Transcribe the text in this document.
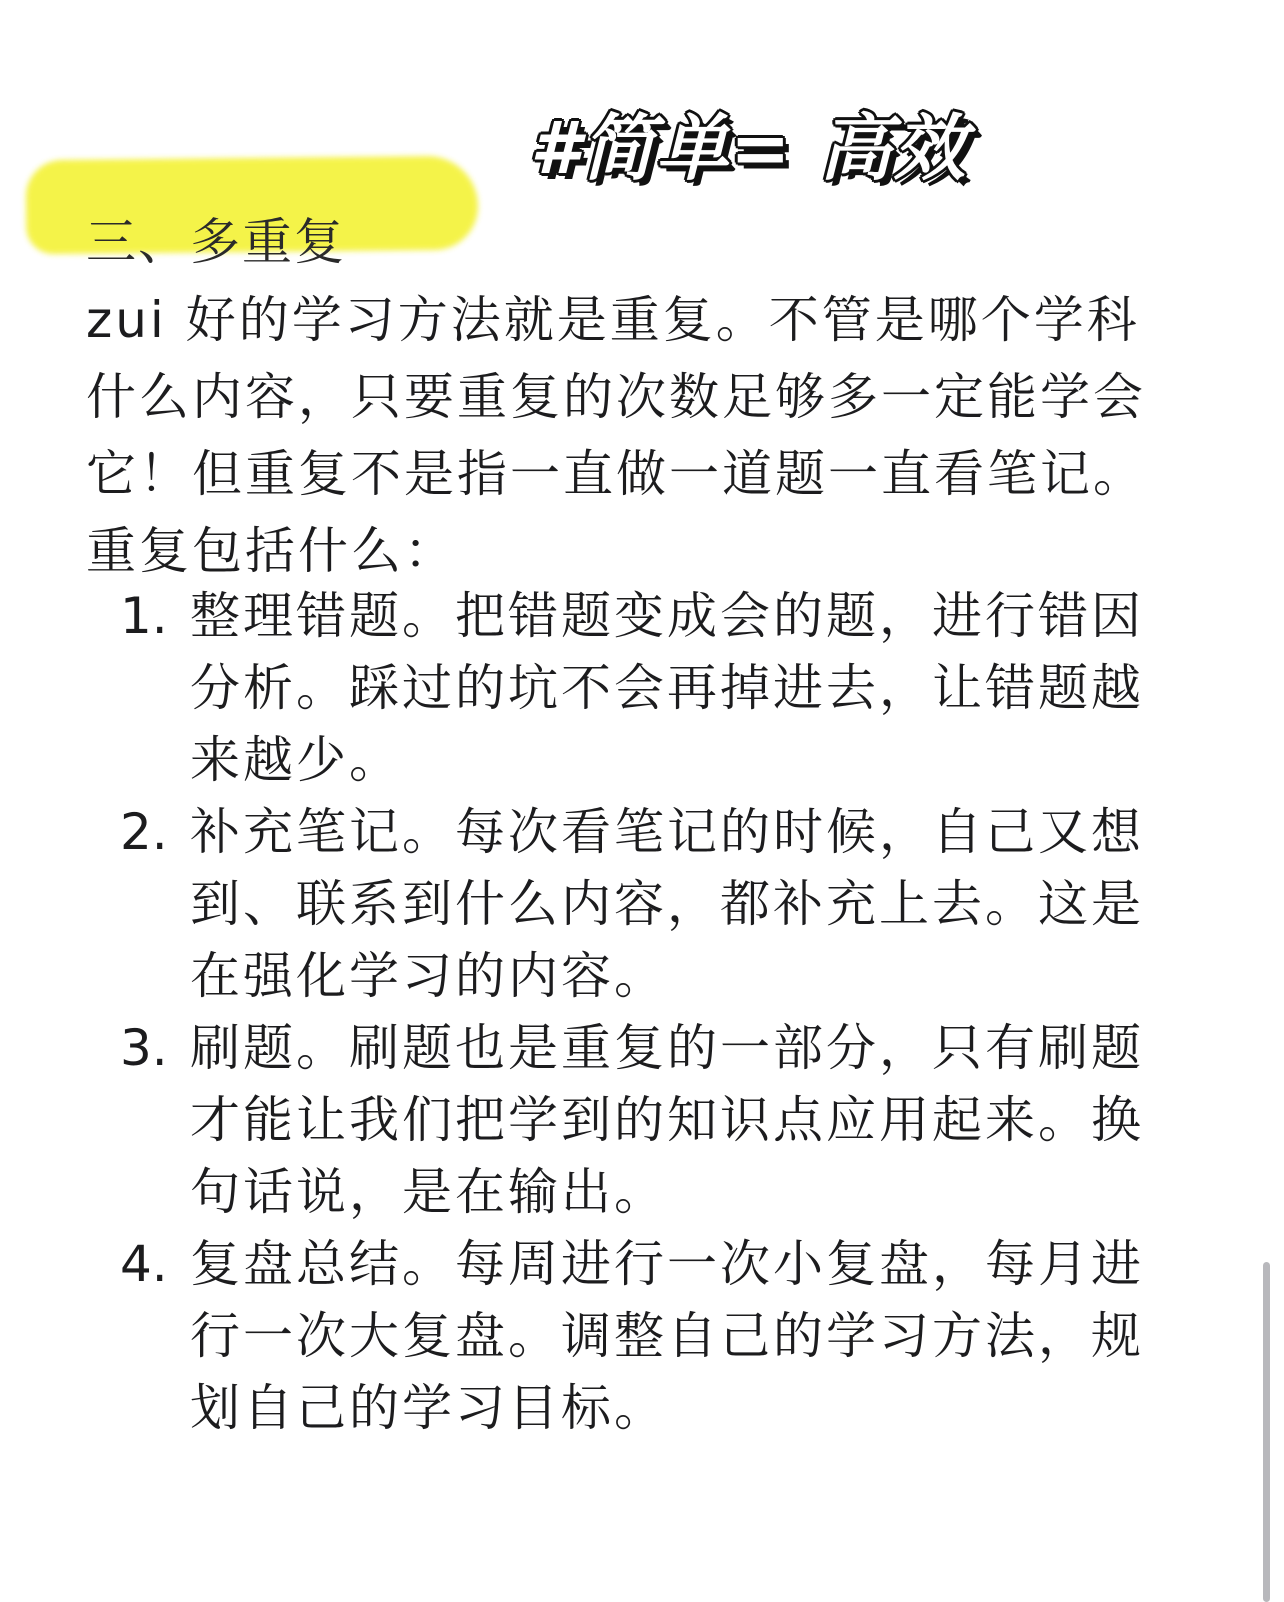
#简单= 高效
三、多重复

zui 好的学习方法就是重复。不管是哪个学科什么内容，只要重复的次数足够多一定能学会它！但重复不是指一直做一道题一直看笔记。重复包括什么：

1. 整理错题。把错题变成会的题，进行错因分析。踩过的坑不会再掉进去，让错题越来越少。
2. 补充笔记。每次看笔记的时候，自己又想到、联系到什么内容，都补充上去。这是在强化学习的内容。
3. 刷题。刷题也是重复的一部分，只有刷题才能让我们把学到的知识点应用起来。换句话说，是在输出。
4. 复盘总结。每周进行一次小复盘，每月进行一次大复盘。调整自己的学习方法，规划自己的学习目标。
